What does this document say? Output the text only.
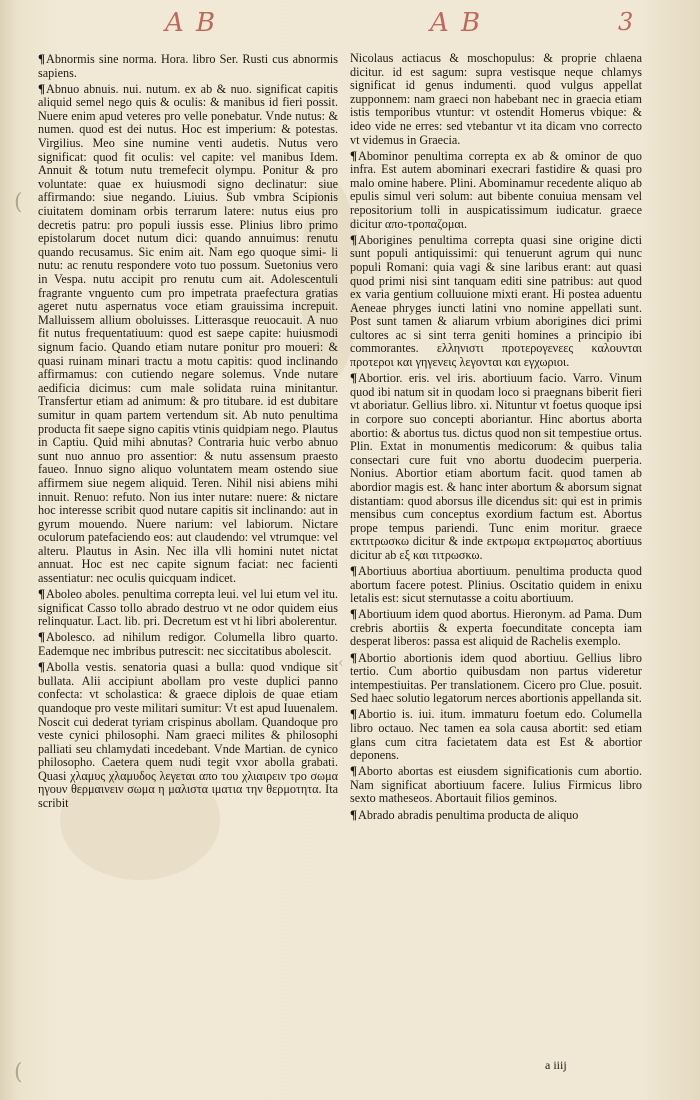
A B	A B	3
(
(
‹

¶Abnormis sine norma. Hora. libro Ser. Rusti cus abnormis sapiens.

¶Abnuo abnuis. nui. nutum. ex ab & nuo. significat capitis aliquid semel nego quis & oculis: & manibus id fieri possit. Nuere enim apud veteres pro velle ponebatur. Vnde nutus: & numen. quod est dei nutus. Hoc est imperium: & potestas. Virgilius. Meo sine numine venti audetis. Nutus vero significat: quod fit oculis: vel capite: vel manibus Idem. Annuit & totum nutu tremefecit olympu. Ponitur & pro voluntate: quae ex huiusmodi signo declinatur: siue affirmando: siue negando. Liuius. Sub vmbra Scipionis ciuitatem dominam orbis terrarum latere: nutus eius pro decretis patru: pro populi iussis esse. Plinius libro primo epistolarum docet nutum dici: quando annuimus: renutu quando recusamus. Sic enim ait. Nam ego quoque simi- li nutu: ac renutu respondere voto tuo possum. Suetonius vero in Vespa. nutu accipit pro renutu cum ait. Adolescentuli fragrante vnguento cum pro impetrata praefectura gratias ageret nutu aspernatus voce etiam grauissima increpuit. Malluissem allium oboluisses. Litterasque reuocauit. A nuo fit nutus frequentatiuum: quod est saepe capite: huiusmodi signum facio. Quando etiam nutare ponitur pro moueri: & quasi ruinam minari tractu a motu capitis: quod inclinando affirmamus: con cutiendo negare solemus. Vnde nutare aedificia dicimus: cum male solidata ruina minitantur. Transfertur etiam ad animum: & pro titubare. id est dubitare sumitur in quam partem vertendum sit. Ab nuto penultima producta fit saepe signo capitis vtinis quidpiam nego. Plautus in Captiu. Quid mihi abnutas? Contraria huic verbo abnuo sunt nuo annuo pro assentior: & nutu assensum praesto faueo. Innuo signo aliquo voluntatem meam ostendo siue affirmem siue negem aliquid. Teren. Nihil nisi abiens mihi innuit. Renuo: refuto. Non ius inter nutare: nuere: & nictare hoc interesse scribit quod nutare capitis sit inclinando: aut in gyrum mouendo. Nuere narium: vel labiorum. Nictare oculorum patefaciendo eos: aut claudendo: vel vtrumque: vel alteru. Plautus in Asin. Nec illa vlli homini nutet nictat annuat. Hoc est nec capite signum faciat: nec facienti assentiatur: nec oculis quicquam indicet.

¶Aboleo aboles. penultima correpta leui. vel lui etum vel itu. significat Casso tollo abrado destruo vt ne odor quidem eius relinquatur. Lact. lib. pri. Decretum est vt hi libri abolerentur.

¶Abolesco. ad nihilum redigor. Columella libro quarto. Eademque nec imbribus putrescit: nec siccitatibus abolescit.

¶Abolla vestis. senatoria quasi a bulla: quod vndique sit bullata. Alii accipiunt abollam pro veste duplici panno confecta: vt scholastica: & graece diplois de quae etiam quandoque pro veste militari sumitur: Vt est apud Iuuenalem. Noscit cui dederat tyriam crispinus abollam. Quandoque pro veste cynici philosophi. Nam graeci milites & philosophi palliati seu chlamydati incedebant. Vnde Martian. de cynico philosopho. Caetera quem nudi tegit vxor abolla grabati. Quasi χλαμυς χλαμυδος λεγεται απο του χλιαιρειν τρο σωμα ηγουν θερμαινειν σωμα η μαλιστα ιματια την θερμοτητα. Ita scribit

Nicolaus actiacus & moschopulus: & proprie chlaena dicitur. id est sagum: supra vestisque neque chlamys significat id genus indumenti. quod vulgus appellat zupponnem: nam graeci non habebant nec in graecia etiam istis temporibus vtuntur: vt ostendit Homerus vbique: & ideo vide ne erres: sed vtebantur vt ita dicam vno correcto vt videmus in Graecia.

¶Abominor penultima correpta ex ab & ominor de quo infra. Est autem abominari execrari fastidire & quasi pro malo omine habere. Plini. Abominamur recedente aliquo ab epulis simul veri solum: aut bibente conuiua mensam vel repositorium tolli in auspicatissimum iudicatur. graece dicitur απο-τροπαζομαι.

¶Aborigines penultima correpta quasi sine origine dicti sunt populi antiquissimi: qui tenuerunt agrum qui nunc populi Romani: quia vagi & sine laribus erant: aut quasi quod primi nisi sint tanquam editi sine patribus: aut quod ex varia gentium colluuione mixti erant. Hi postea aduentu Aeneae phryges iuncti latini vno nomine appellati sunt. Post sunt tamen & aliarum vrbium aborigines dici primi cultores ac si sint terra geniti homines a principio ibi commorantes. ελληνιστι προτερογενεες καλουνται προτεροι και γηγενεις λεγονται και εγχωριοι.

¶Abortior. eris. vel iris. abortiuum facio. Varro. Vinum quod ibi natum sit in quodam loco si praegnans biberit fieri vt aboriatur. Gellius libro. xi. Nituntur vt foetus quoque ipsi in corpore suo concepti aboriantur. Hinc abortus aborta abortio: & abortus tus. dictus quod non sit tempestiue ortus. Plin. Extat in monumentis medicorum: & quibus talia consectari cure fuit vno abortu duodecim puerperia. Nonius. Abortior etiam abortum facit. quod tamen ab abordior magis est. & hanc inter abortum & aborsum signat distantiam: quod aborsus ille dicendus sit: qui est in primis mensibus cum conceptus exordium factum est. Abortus prope tempus pariendi. Tunc enim moritur. graece εκτιτρωσκω dicitur & inde εκτρωμα εκτρωματος abortiuus dicitur ab εξ και τιτρωσκω.

¶Abortiuus abortiua abortiuum. penultima producta quod abortum facere potest. Plinius. Oscitatio quidem in enixu letalis est: sicut sternutasse a coitu abortiuum.

¶Abortiuum idem quod abortus. Hieronym. ad Pama. Dum crebris abortiis & experta foecunditate concepta iam desperat liberos: passa est aliquid de Rachelis exemplo.

¶Abortio abortionis idem quod abortiuu. Gellius libro tertio. Cum abortio quibusdam non partus videretur intempestiuitas. Per translationem. Cicero pro Clue. posuit. Sed haec solutio legatorum nerces abortionis appellanda sit.

¶Abortio is. iui. itum. immaturu foetum edo. Columella libro octauo. Nec tamen ea sola causa abortit: sed etiam glans cum citra facietatem data est Est & abortior deponens.

¶Aborto abortas est eiusdem significationis cum abortio. Nam significat abortiuum facere. Iulius Firmicus libro sexto matheseos. Abortauit filios geminos.

¶Abrado abradis penultima producta de aliquo

a iiij
